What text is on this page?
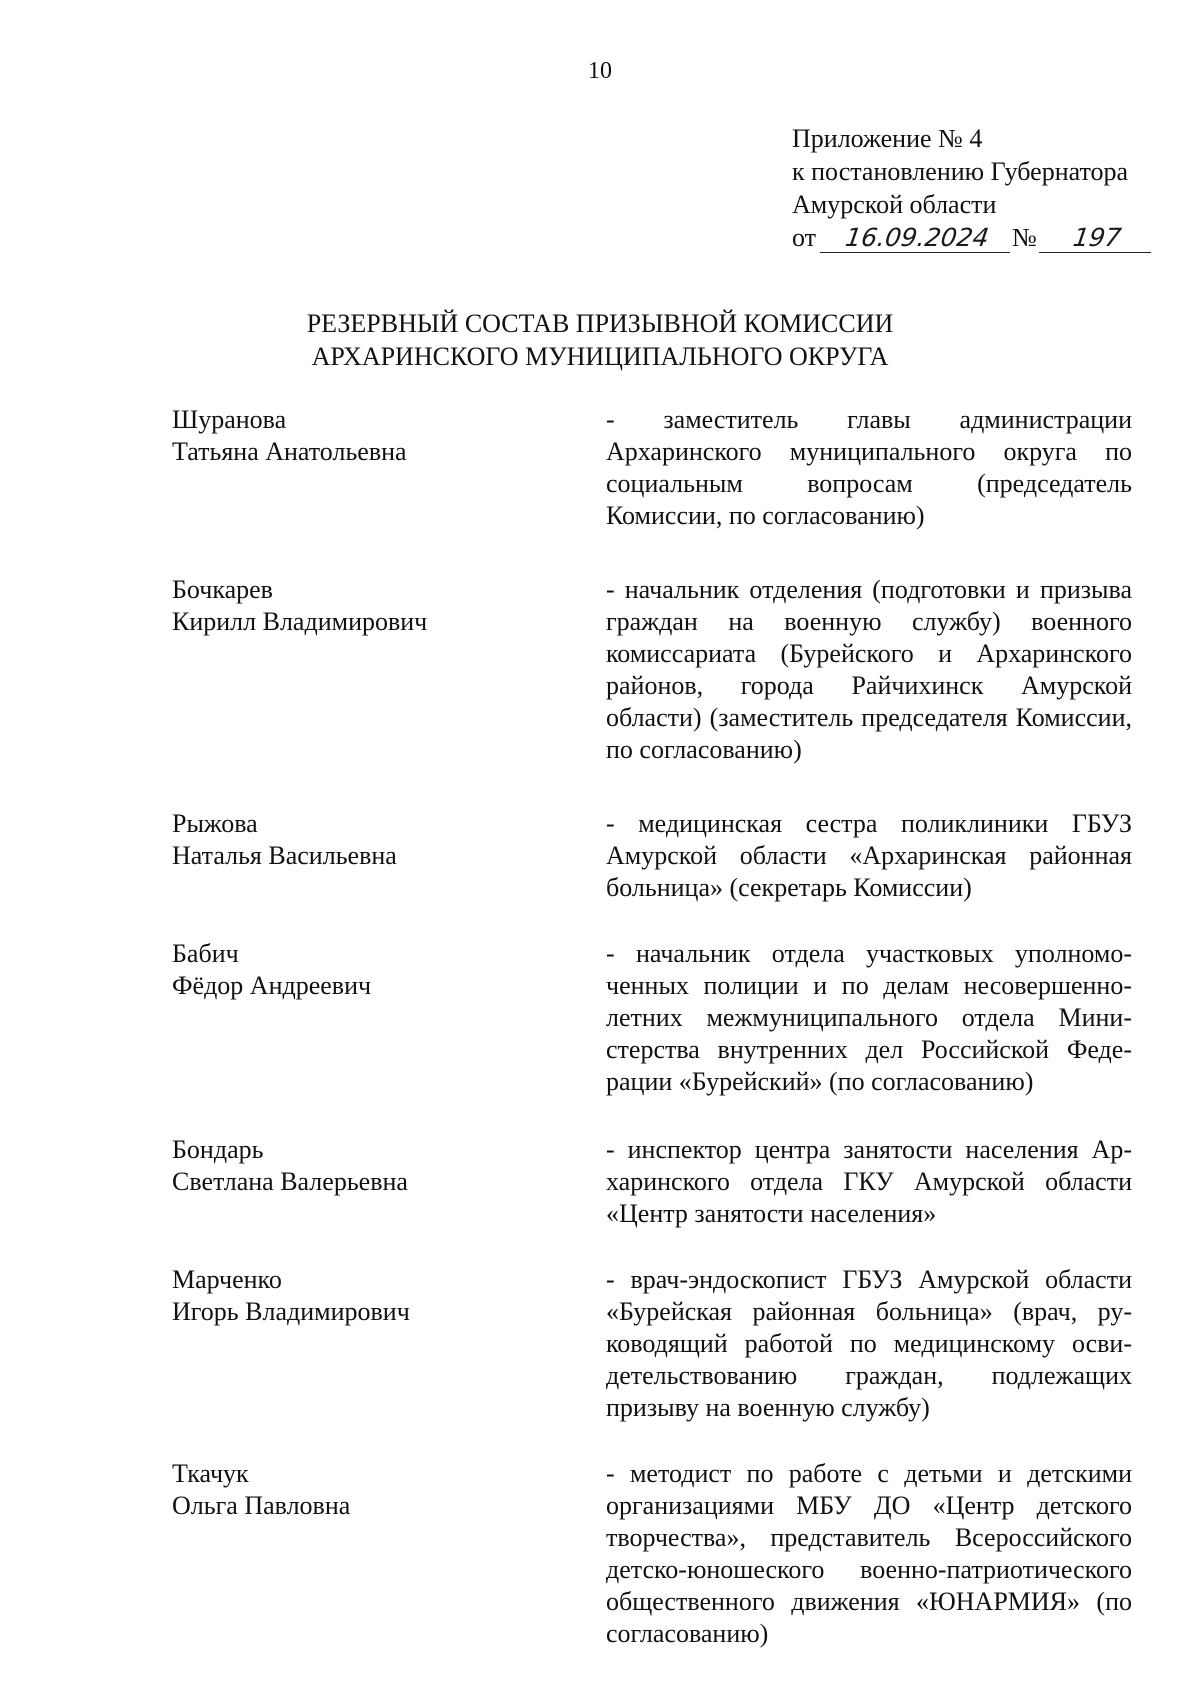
10
Приложение № 4
к постановлению Губернатора
Амурской области
от	16.09.2024 №	197
РЕЗЕРВНЫЙ СОСТАВ ПРИЗЫВНОЙ КОМИССИИ
АРХАРИНСКОГО МУНИЦИПАЛЬНОГО ОКРУГА
Шуранова
Татьяна Анатольевна
- заместитель главы администрации Архаринского муниципального округа по социальным вопросам (председатель Комиссии, по согласованию)
Бочкарев
Кирилл Владимирович
- начальник отделения (подготовки и призыва граждан на военную службу) военного комиссариата (Бурейского и Архаринского районов, города Райчихинск Амурской области) (заместитель председателя Комиссии, по согласованию)
Рыжова
Наталья Васильевна
- медицинская сестра поликлиники ГБУЗ Амурской области «Архаринская районная больница» (секретарь Комиссии)
Бабич
Фёдор Андреевич
- начальник отдела участковых уполномоченных полиции и по делам несовершеннолетних межмуниципального отдела Министерства внутренних дел Российской Федерации «Бурейский» (по согласованию)
Бондарь
Светлана Валерьевна
- инспектор центра занятости населения Архаринского отдела ГКУ Амурской области «Центр занятости населения»
Марченко
Игорь Владимирович
- врач-эндоскопист ГБУЗ Амурской области «Бурейская районная больница» (врач, руководящий работой по медицинскому освидетельствованию граждан, подлежащих призыву на военную службу)
Ткачук
Ольга Павловна
- методист по работе с детьми и детскими организациями МБУ ДО «Центр детского творчества», представитель Всероссийского детско-юношеского военно-патриотического общественного движения «ЮНАРМИЯ» (по согласованию)
